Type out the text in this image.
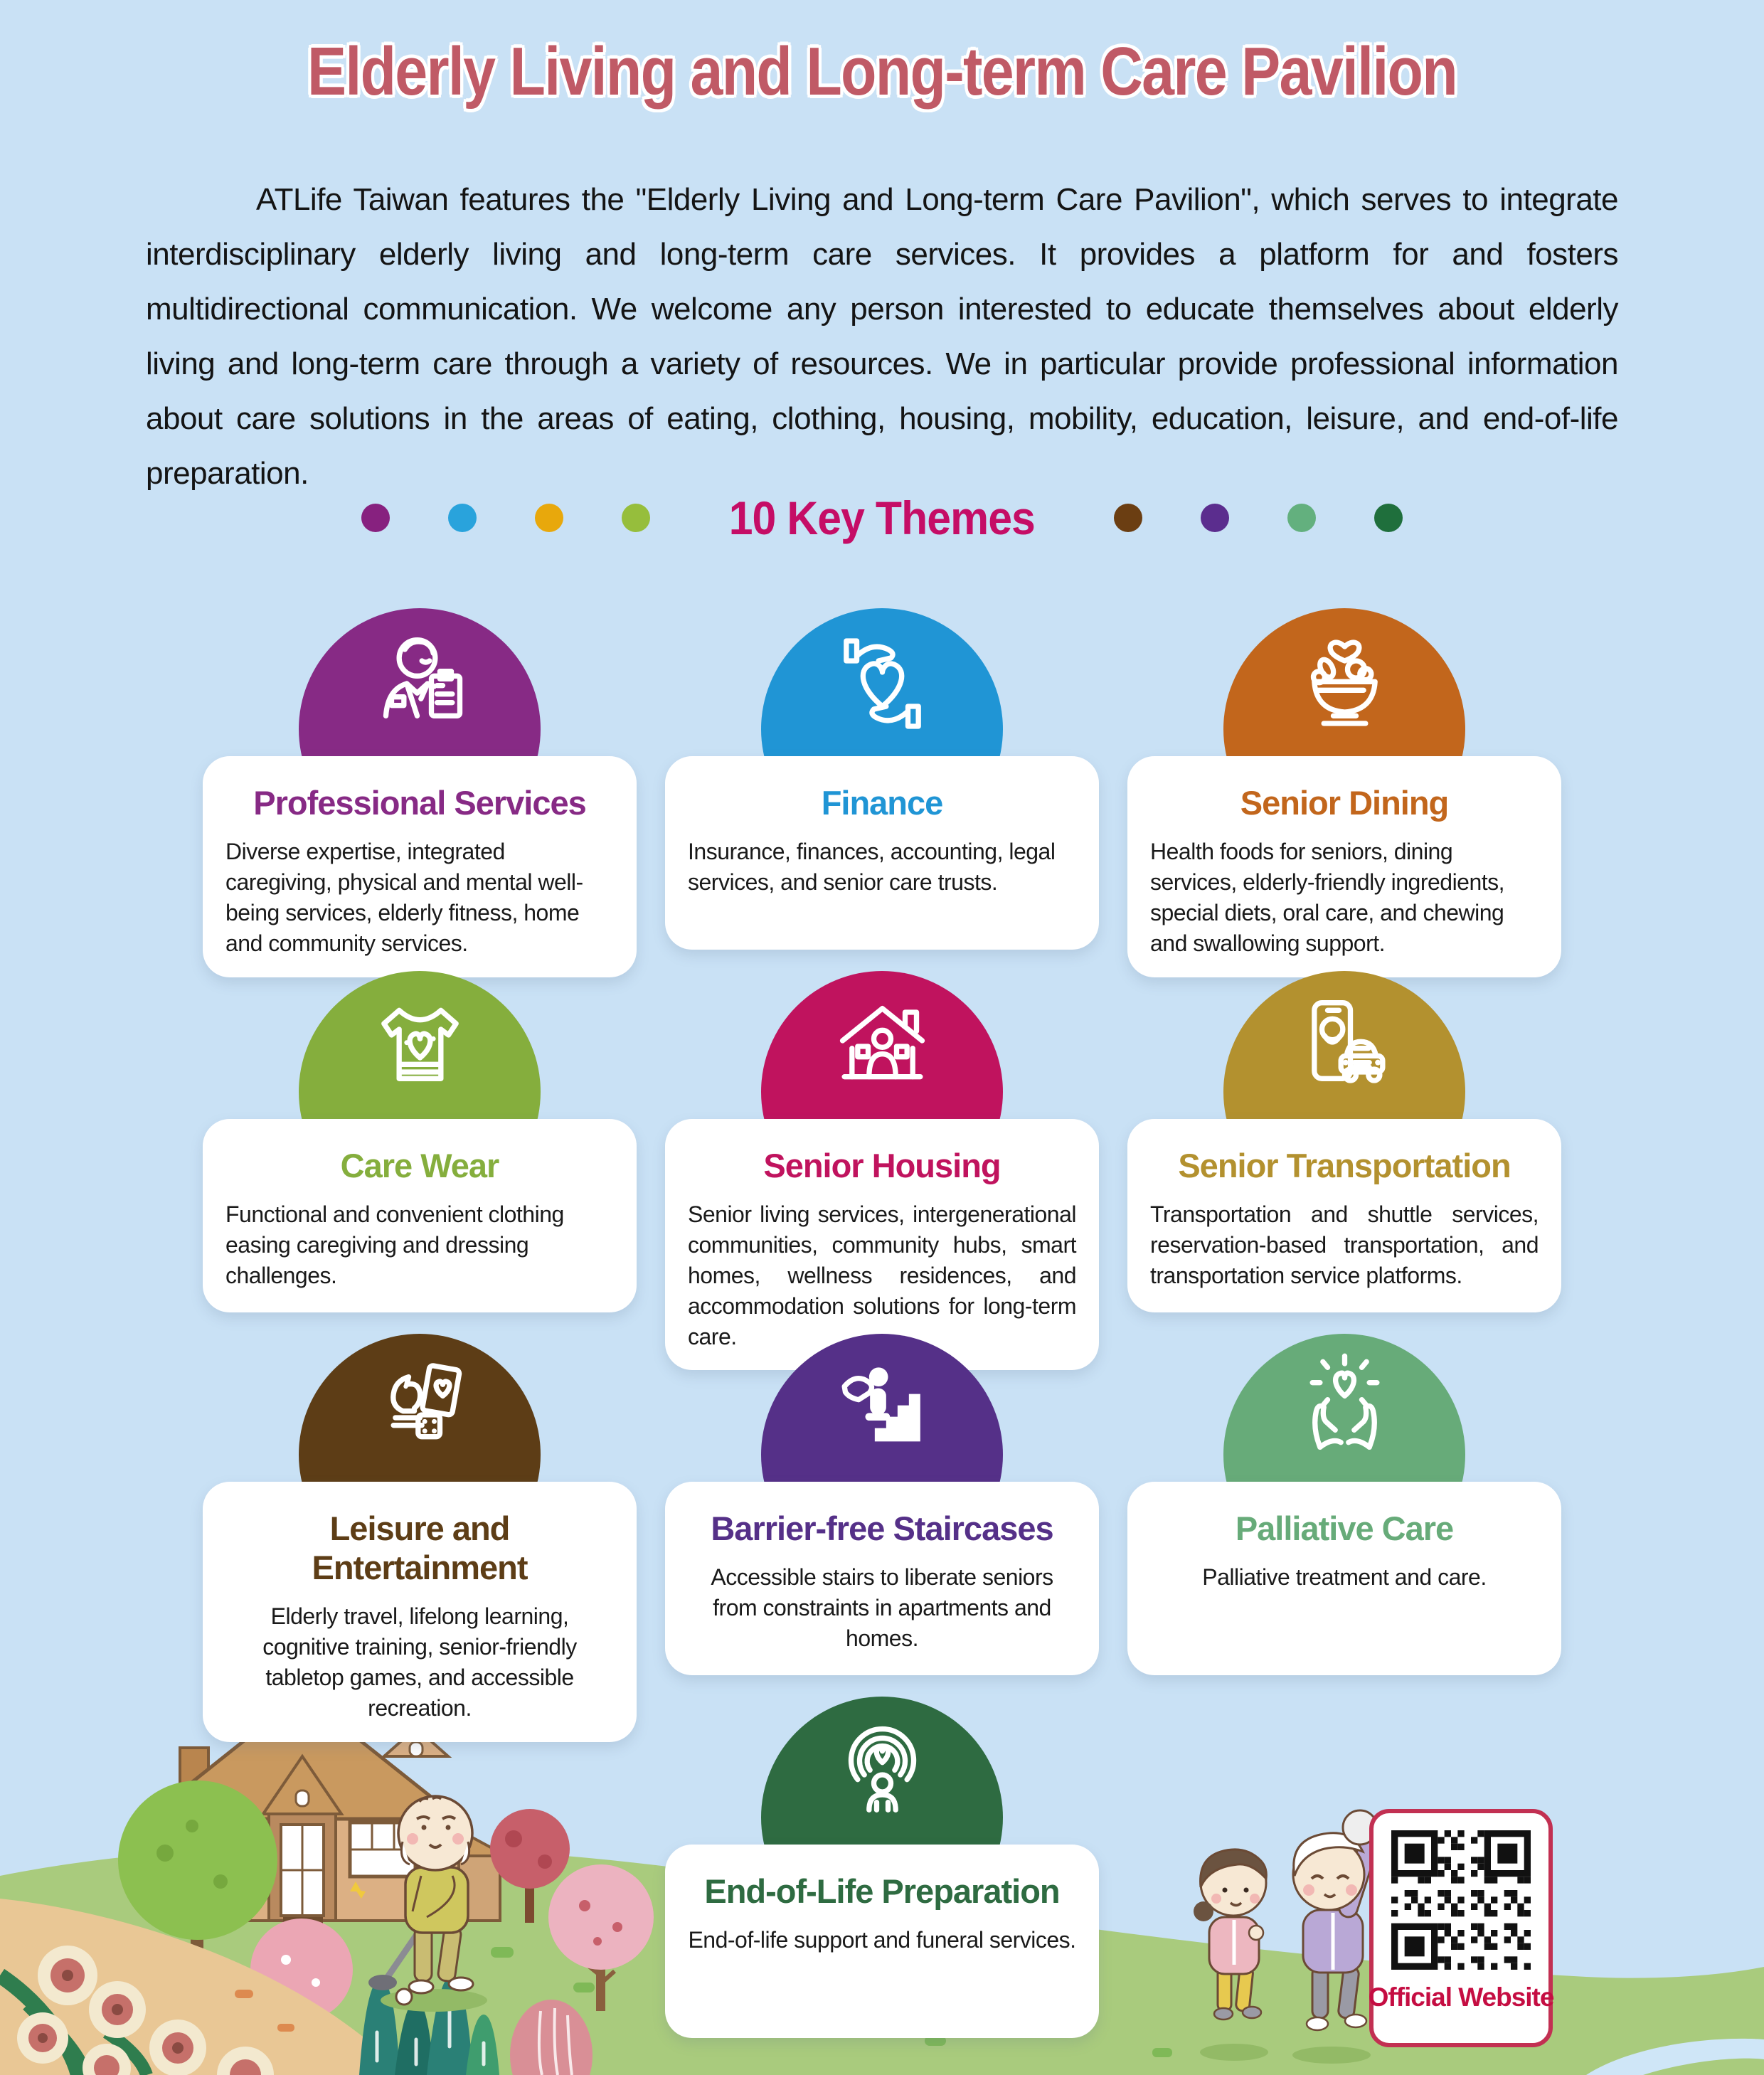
Elderly Living and Long-term Care Pavilion

ATLife Taiwan features the "Elderly Living and Long-term Care Pavilion", which serves to integrate interdisciplinary elderly living and long-term care services. It provides a platform for and fosters multidirectional communication. We welcome any person interested to educate themselves about elderly living and long-term care through a variety of resources. We in particular provide professional information about care solutions in the areas of eating, clothing, housing, mobility, education, leisure, and end-of-life preparation.

10 Key Themes
Professional Services

Diverse expertise, integrated caregiving, physical and mental well-being services, elderly fitness, home and community services.

Finance

Insurance, finances, accounting, legal services, and senior care trusts.

Senior Dining

Health foods for seniors, dining services, elderly-friendly ingredients, special diets, oral care, and chewing and swallowing support.

Care Wear

Functional and convenient clothing easing caregiving and dressing challenges.

Senior Housing

Senior living services, intergenerational communities, community hubs, smart homes, wellness residences, and accommodation solutions for long-term care.

Senior Transportation

Transportation and shuttle services, reservation-based transportation, and transportation service platforms.

Leisure and Entertainment

Elderly travel, lifelong learning, cognitive training, senior-friendly tabletop games, and accessible recreation.

Barrier-free Staircases

Accessible stairs to liberate seniors from constraints in apartments and homes.

Palliative Care

Palliative treatment and care.

End-of-Life Preparation

End-of-life support and funeral services.

Official Website
